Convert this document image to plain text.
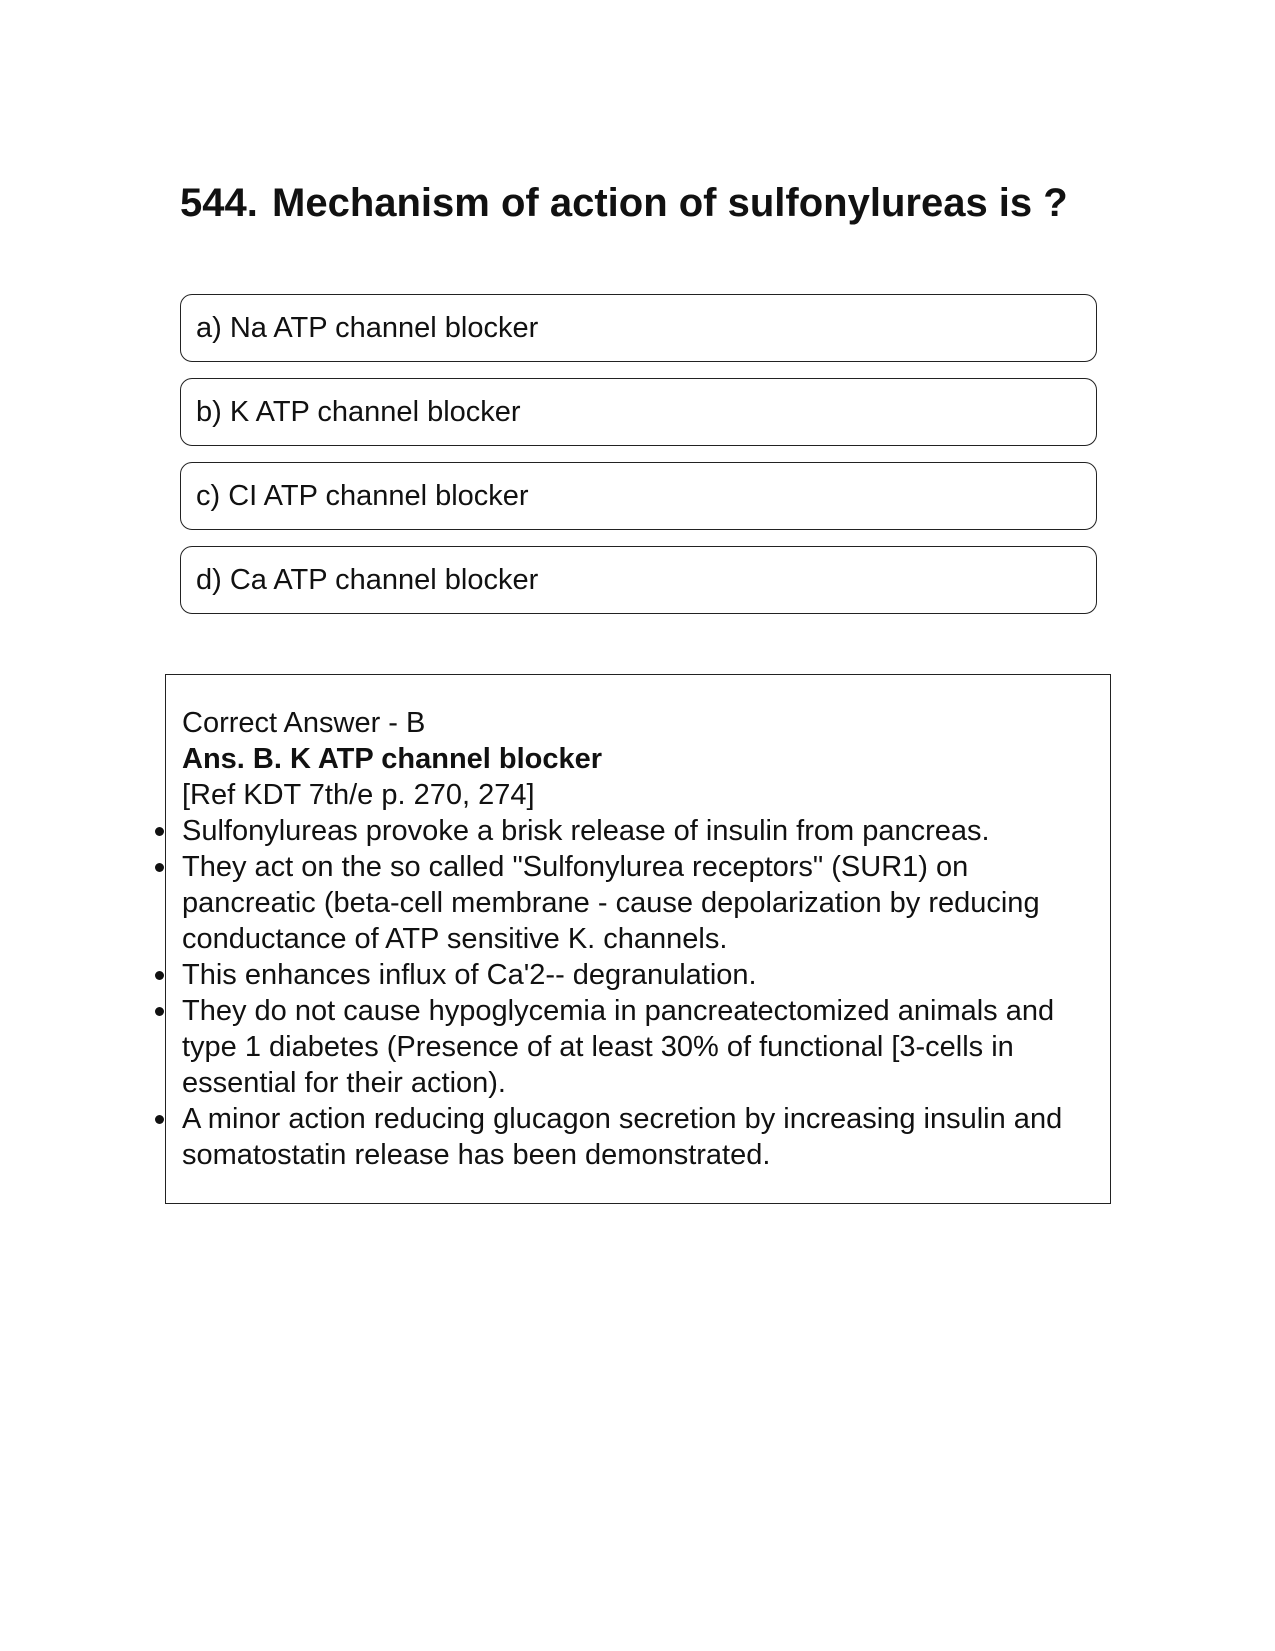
544. Mechanism of action of sulfonylureas is ?
a) Na ATP channel blocker
b) K ATP channel blocker
c) CI ATP channel blocker
d) Ca ATP channel blocker
Correct Answer - B
Ans. B. K ATP channel blocker
[Ref KDT 7th/e p. 270, 274]
Sulfonylureas provoke a brisk release of insulin from pancreas.
They act on the so called "Sulfonylurea receptors" (SUR1) on pancreatic (beta-cell membrane - cause depolarization by reducing conductance of ATP sensitive K. channels.
This enhances influx of Ca'2-- degranulation.
They do not cause hypoglycemia in pancreatectomized animals and type 1 diabetes (Presence of at least 30% of functional [3-cells in essential for their action).
A minor action reducing glucagon secretion by increasing insulin and somatostatin release has been demonstrated.
